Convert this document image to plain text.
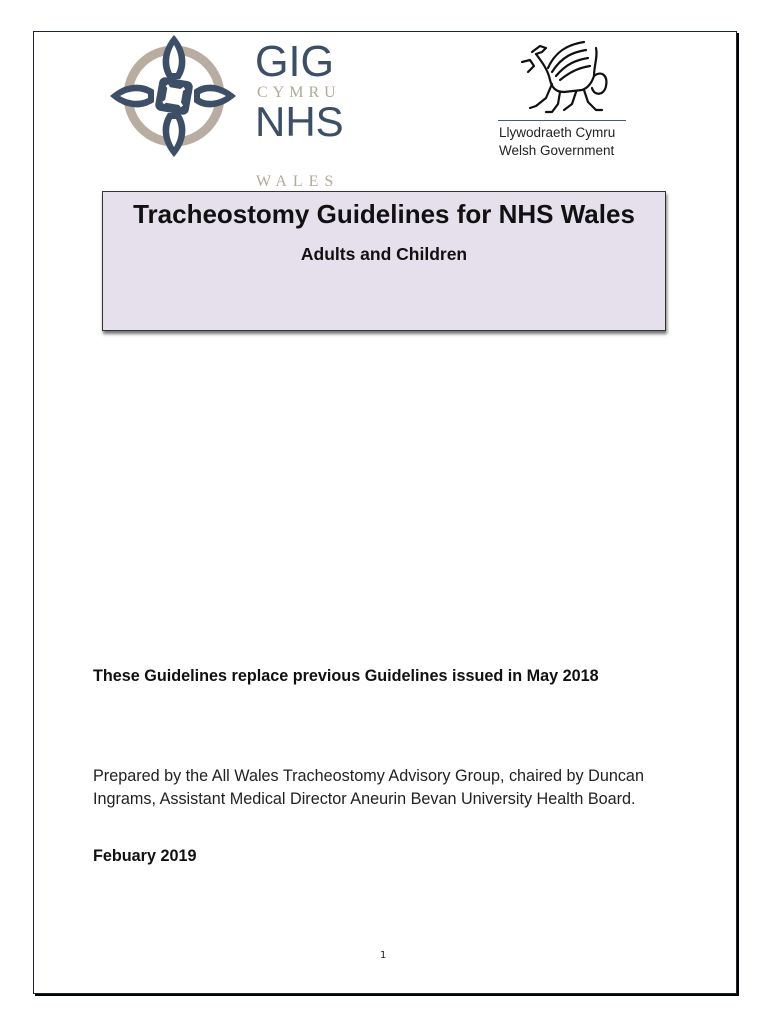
GIG
CYMRU
NHS
WALES
Llywodraeth Cymru
Welsh Government
Tracheostomy Guidelines for NHS Wales
Adults and Children
These Guidelines replace previous Guidelines issued in May 2018
Prepared by the All Wales Tracheostomy Advisory Group, chaired by Duncan Ingrams, Assistant Medical Director Aneurin Bevan University Health Board.
Febuary 2019
1
